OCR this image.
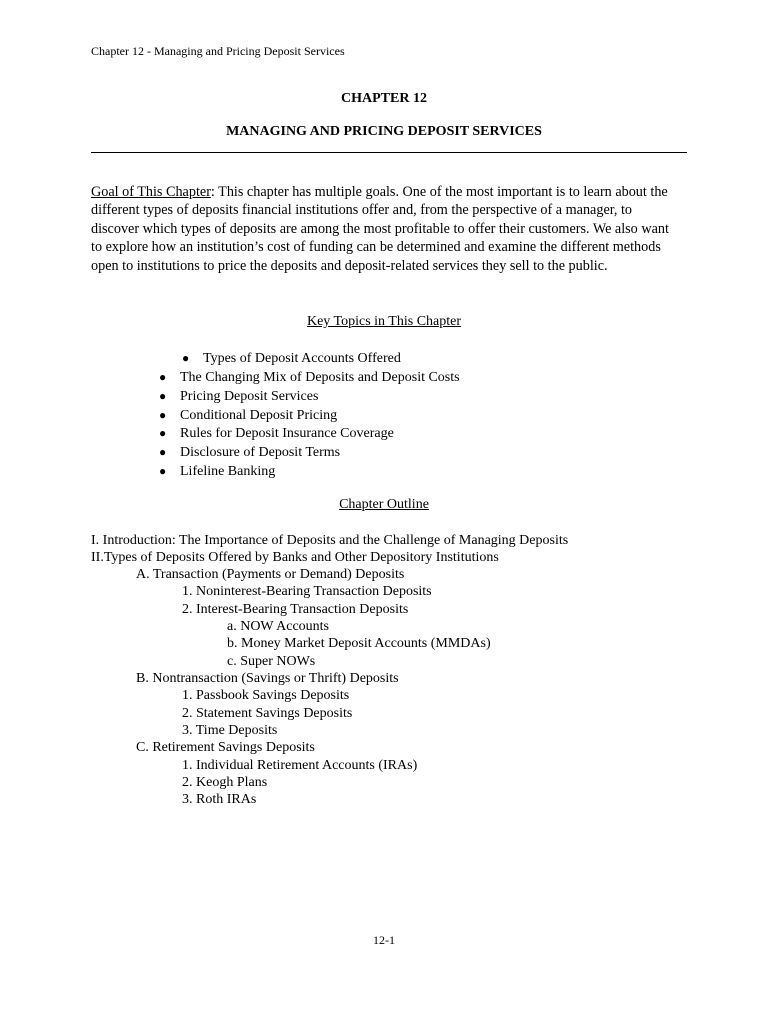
Chapter 12 - Managing and Pricing Deposit Services
CHAPTER 12
MANAGING AND PRICING DEPOSIT SERVICES
Goal of This Chapter: This chapter has multiple goals. One of the most important is to learn about the different types of deposits financial institutions offer and, from the perspective of a manager, to discover which types of deposits are among the most profitable to offer their customers. We also want to explore how an institution’s cost of funding can be determined and examine the different methods open to institutions to price the deposits and deposit-related services they sell to the public.
Key Topics in This Chapter
● Types of Deposit Accounts Offered
● The Changing Mix of Deposits and Deposit Costs
● Pricing Deposit Services
● Conditional Deposit Pricing
● Rules for Deposit Insurance Coverage
● Disclosure of Deposit Terms
● Lifeline Banking
Chapter Outline
I. Introduction: The Importance of Deposits and the Challenge of Managing Deposits
II.Types of Deposits Offered by Banks and Other Depository Institutions
A. Transaction (Payments or Demand) Deposits
1. Noninterest-Bearing Transaction Deposits
2. Interest-Bearing Transaction Deposits
a. NOW Accounts
b. Money Market Deposit Accounts (MMDAs)
c. Super NOWs
B. Nontransaction (Savings or Thrift) Deposits
1. Passbook Savings Deposits
2. Statement Savings Deposits
3. Time Deposits
C. Retirement Savings Deposits
1. Individual Retirement Accounts (IRAs)
2. Keogh Plans
3. Roth IRAs
12-1
